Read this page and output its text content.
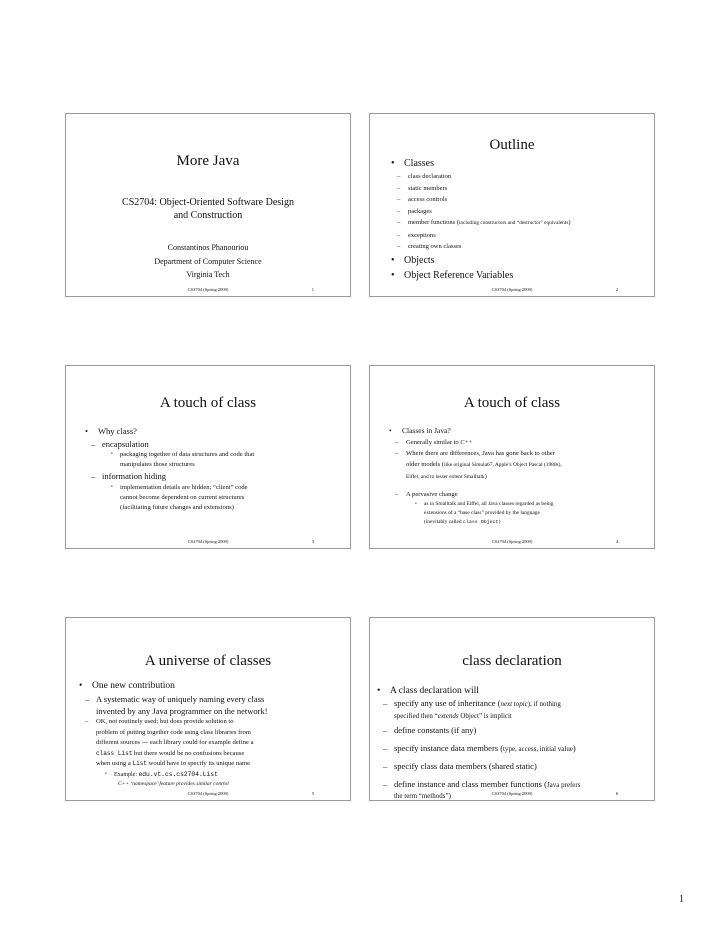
More Java
CS2704: Object-Oriented Software Design
and Construction
Constantinos Phanouriou
Department of Computer Science
Virginia Tech
CS2704 (Spring 2000)	1
Outline
• Classes
– class declaration
– static members
– access controls
– packages
– member functions (including constructors and “destructor” equivalents)
– exceptions
– creating own classes
• Objects
• Object Reference Variables
CS2704 (Spring 2000)	2
A touch of class
• Why class?
– encapsulation
• packaging together of data structures and code that
manipulates those structures
– information hiding
• implementation details are hidden; “client” code
cannot become dependent on current structures
(facilitating future changes and extensions)
CS2704 (Spring 2000)	3
A touch of class
• Classes in Java?
– Generally similar to C++
– Where there are differences, Java has gone back to other
older models (like original Simula67, Apple’s Object Pascal (1980s),
Eiffel, and to lesser extent Smalltalk)
– A pervasive change
• as in Smalltalk and Eiffel, all Java classes regarded as being
extensions of a “base class” provided by the language
(inevitably called class Object)
CS2704 (Spring 2000)	4
A universe of classes
• One new contribution
– A systematic way of uniquely naming every class
invented by any Java programmer on the network!
– OK, not routinely used; but does provide solution to
problem of putting together code using class libraries from
different sources --- each library could for example define a
class List but there would be no confusions because
when using a List would have to specify its unique name
• Example: edu.vt.cs.cs2704.List
C++ ‘namespace’ feature provides similar control
CS2704 (Spring 2000)	5
class declaration
• A class declaration will
– specify any use of inheritance (next topic), if nothing
specified then “extends Object” is implicit
– define constants (if any)
– specify instance data members (type, access, initial value)
– specify class data members (shared static)
– define instance and class member functions (Java prefers
the term “methods”)	CS2704 (Spring 2000)	6
1
